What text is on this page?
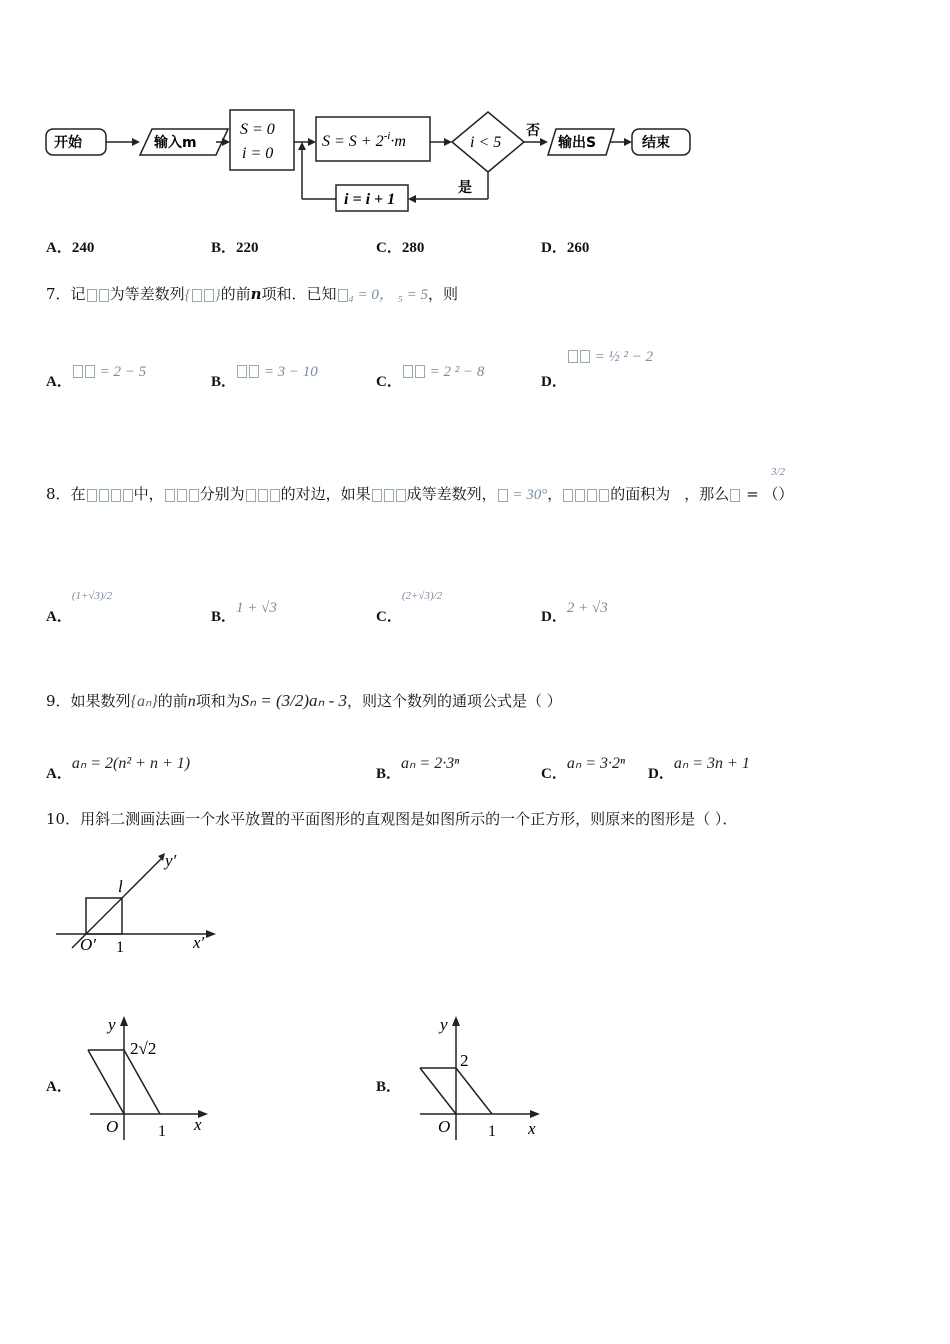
开始	输入m
S = 0
i = 0
$S = S + 2^{-i}\cdot m$	i < 5
否
输出S	结束
是
i = i + 1
A．240	B．220	C．280	D．260
7．记 为等差数列{ }的前n项和．已知 ₄ = 0， ₅ = 5，则
A． = 2 − 5
B． = 3 − 10
C． = 2 ² − 8
D． = ½ ² − 2
3/2
8．在	中， 分别为 的对边，如果 成等差数列， = 30°，	的面积为 ，那么 = （）
A．(1+√3)/2
B．1 + √3
C．(2+√3)/2
D．2 + √3
9．如果数列{aₙ}的前n项和为Sₙ = (3/2)aₙ - 3，则这个数列的通项公式是（ ）
A．aₙ = 2(n² + n + 1)
B．aₙ = 2·3ⁿ
C．aₙ = 3·2ⁿ
D．aₙ = 3n + 1
10．用斜二测画法画一个水平放置的平面图形的直观图是如图所示的一个正方形，则原来的图形是（ ）．
y′
l
x′
O′ 1
A．
y
2√2
O 1 x
B．
y
2
O 1 x
